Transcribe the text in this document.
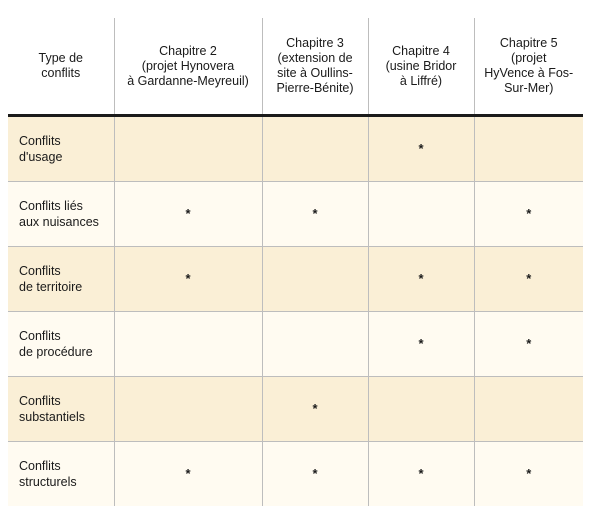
Type de
conflits	Chapitre 2
(projet Hynovera
à Gardanne-Meyreuil)	Chapitre 3
(extension de
site à Oullins-
Pierre-Bénite)	Chapitre 4
(usine Bridor
à Liffré)	Chapitre 5
(projet
HyVence à Fos-
Sur-Mer)

Conflits
d'usage			*	
Conflits liés
aux nuisances	*	*		*
Conflits
de territoire	*		*	*
Conflits
de procédure			*	*
Conflits
substantiels		*		
Conflits
structurels	*	*	*	*
